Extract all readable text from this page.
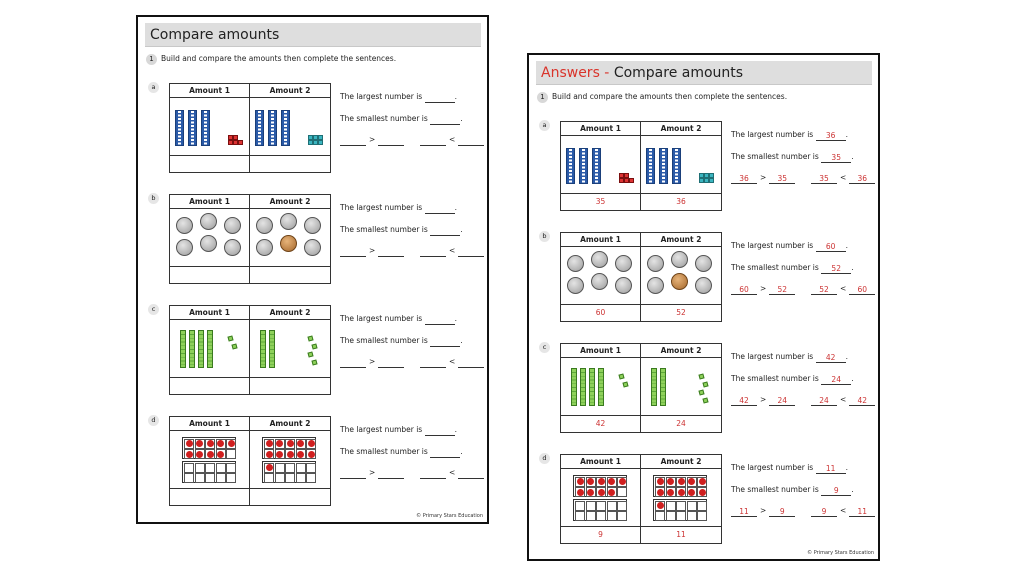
Compare amounts
1 Build and compare the amounts then complete the sentences.
a	Amount 1	Amount 2
The largest number is	.
The smallest number is	.
>	<
b	Amount 1	Amount 2
The largest number is	.
The smallest number is	.
>	<
c	Amount 1	Amount 2
The largest number is	.
The smallest number is	.
>	<
d	Amount 1	Amount 2
The largest number is	.
The smallest number is	.
>	<
© Primary Stars Education
Answers - Compare amounts
1 Build and compare the amounts then complete the sentences.
a	Amount 1	Amount 2
35	36
The largest number is 36 .
The smallest number is 35 .
36 > 35	35 < 36
b	Amount 1	Amount 2
60	52
The largest number is 60 .
The smallest number is 52 .
60 > 52	52 < 60
c	Amount 1	Amount 2
42	24
The largest number is 42 .
The smallest number is 24 .
42 > 24	24 < 42
d	Amount 1	Amount 2
9	11
The largest number is 11 .
The smallest number is 9 .
11 > 9	9 < 11
© Primary Stars Education
